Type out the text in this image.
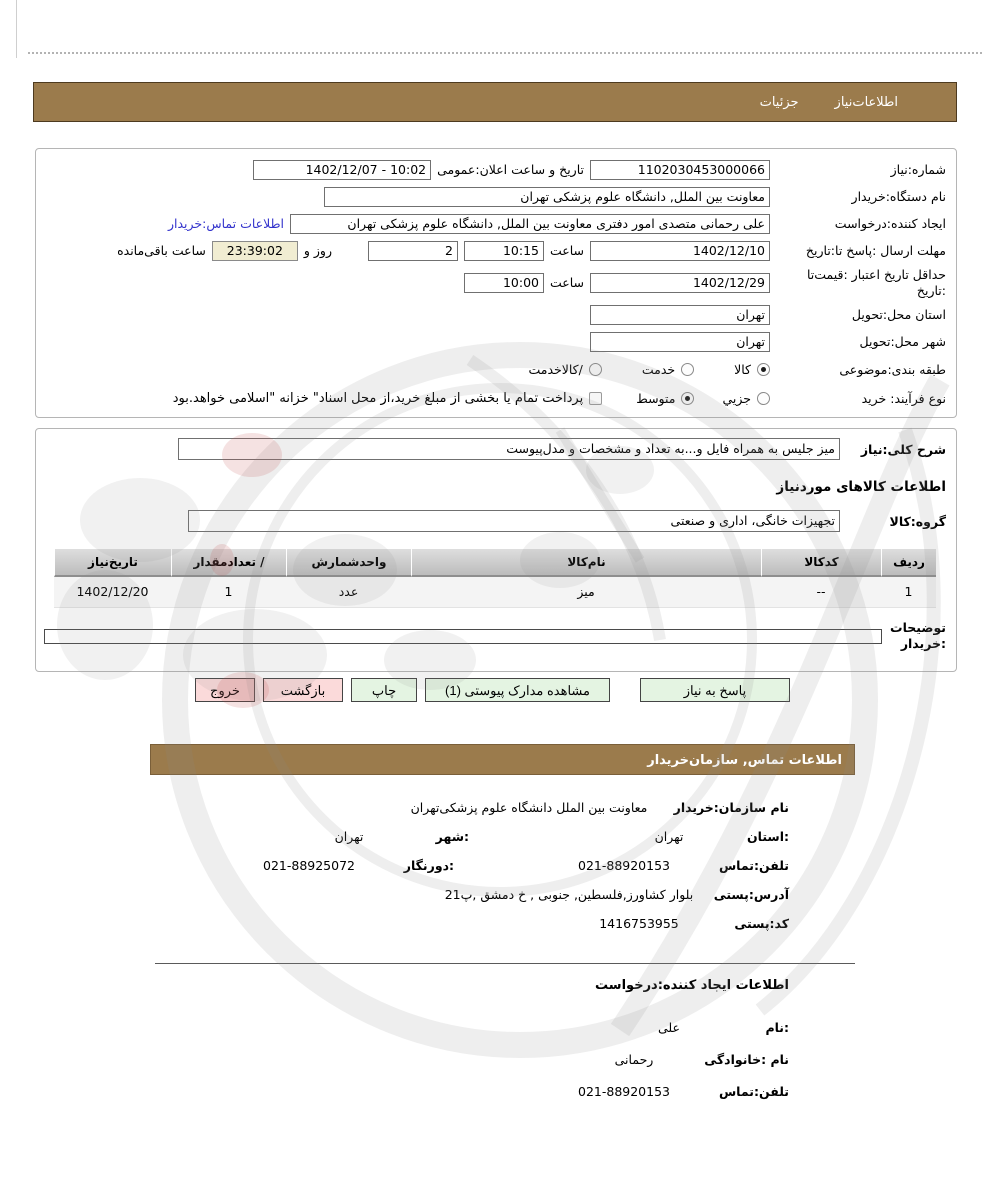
اطلاعات‌نیاز
جزئیات
شماره:نیاز
1102030453000066
تاریخ و ساعت اعلان:عمومی
1402/12/07 - 10:02
نام دستگاه:خریدار
معاونت بین الملل, دانشگاه علوم پزشکی تهران
ایجاد کننده:درخواست
علی رحمانی متصدی امور دفتری معاونت بین الملل, دانشگاه علوم پزشکی تهران
اطلاعات تماس:خریدار
مهلت ارسال :پاسخ تا:تاریخ
1402/12/10
ساعت
10:15
2
روز و
23:39:02
ساعت باقی‌مانده
حداقل تاریخ اعتبار :قیمت‌تا
:تاریخ
1402/12/29
ساعت
10:00
استان محل:تحویل
تهران
شهر محل:تحویل
تهران
طبقه بندی:موضوعی
کالا
خدمت
/کالاخدمت
نوع فرآیند: خرید
جزیي
متوسط
پرداخت تمام یا بخشی از مبلغ خرید،از محل اسناد" خزانه "اسلامی خواهد.بود
شرح کلی:نیاز
میز جلیس به همراه فایل و...به تعداد و مشخصات و مدل‌پیوست
اطلاعات کالاهای موردنیاز
گروه:کالا
تجهیزات خانگی، اداری و صنعتی
ردیف
کدکالا
نام‌کالا
واحدشمارش
/ تعدادمقدار
تاریخ‌نیاز
1
--
میز
عدد
1
1402/12/20
توضیحات
:خریدار
پاسخ به نیاز
مشاهده مدارک پیوستی (1)
چاپ
بازگشت
خروج
اطلاعات تماس, سازمان‌خریدار
نام سازمان:خریدار
معاونت بین الملل دانشگاه علوم پزشکی‌تهران
:استان
تهران
:شهر
تهران
تلفن:تماس
021-88920153
:دورنگار
021-88925072
آدرس:پستی
بلوار کشاورز,فلسطین, جنوبی , خ دمشق ,پ21
کد:پستی
1416753955
اطلاعات ایجاد کننده:درخواست
:نام
علی
نام :خانوادگی
رحمانی
تلفن:تماس
021-88920153
